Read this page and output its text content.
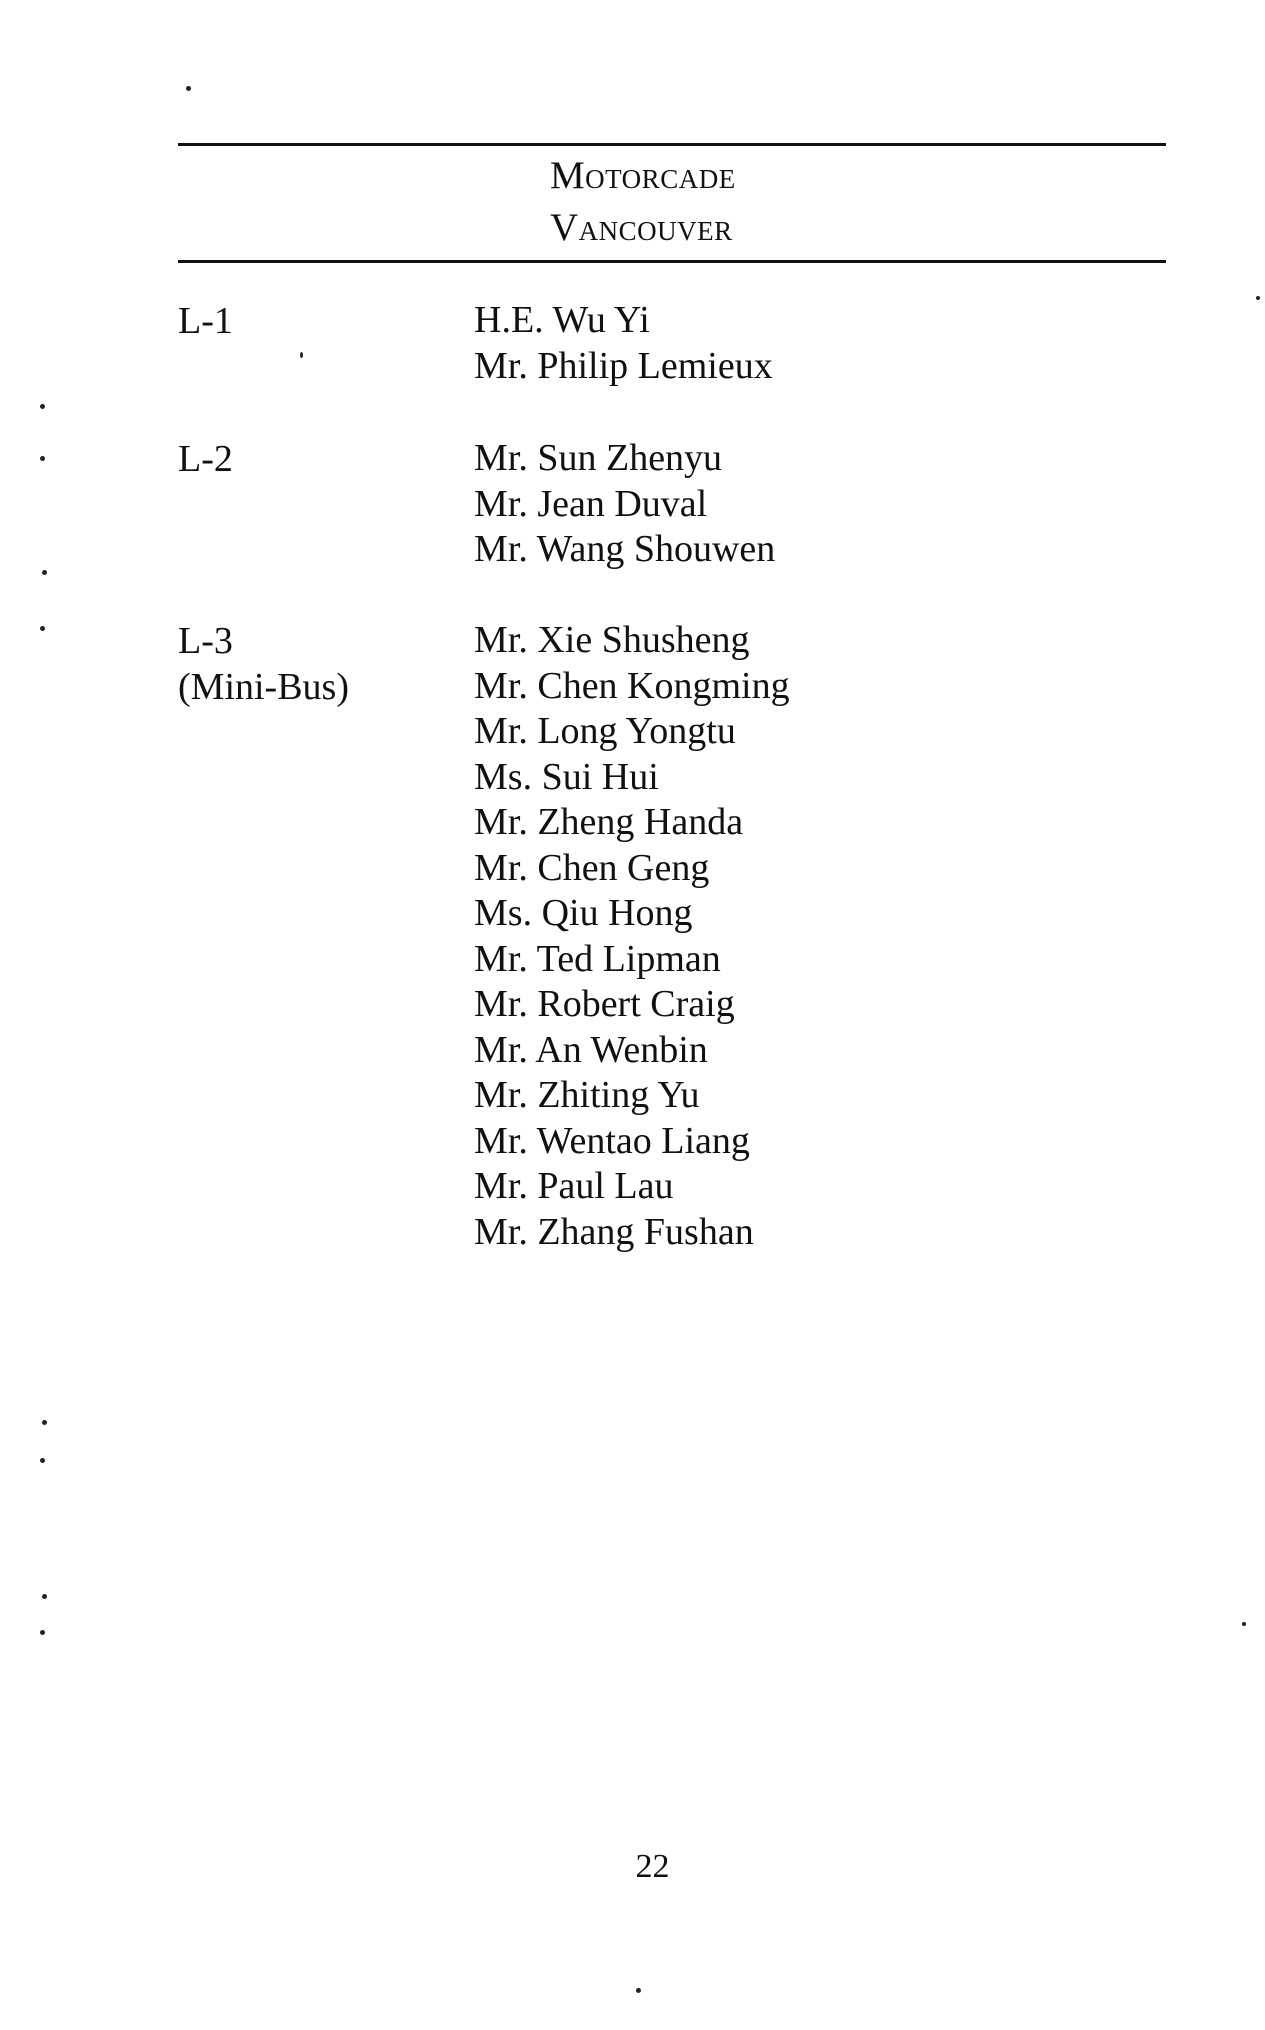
Motorcade
Vancouver
L-1	H.E. Wu Yi
Mr. Philip Lemieux
L-2	Mr. Sun Zhenyu
Mr. Jean Duval
Mr. Wang Shouwen
L-3
(Mini-Bus)
Mr. Xie Shusheng
Mr. Chen Kongming
Mr. Long Yongtu
Ms. Sui Hui
Mr. Zheng Handa
Mr. Chen Geng
Ms. Qiu Hong
Mr. Ted Lipman
Mr. Robert Craig
Mr. An Wenbin
Mr. Zhiting Yu
Mr. Wentao Liang
Mr. Paul Lau
Mr. Zhang Fushan
22
